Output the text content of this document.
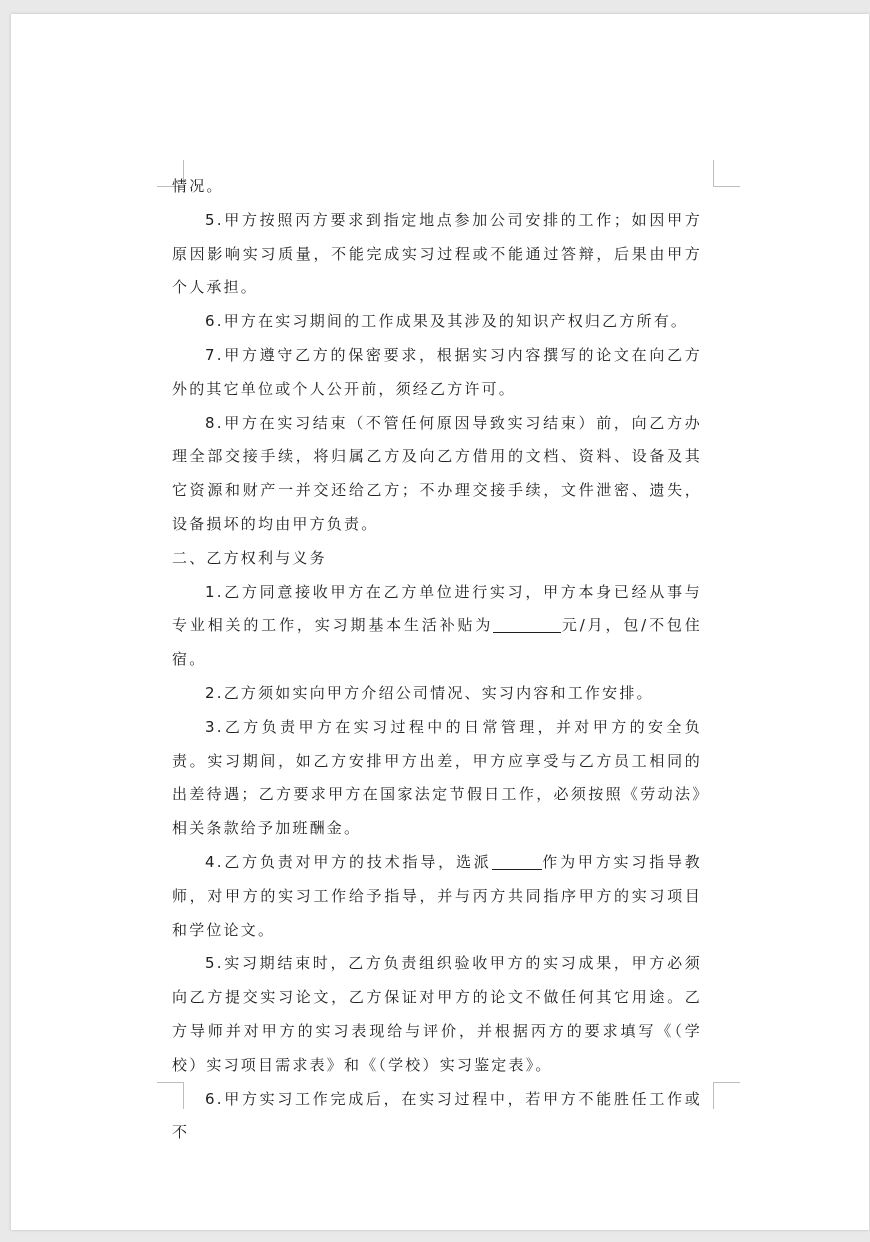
情况。

5.甲方按照丙方要求到指定地点参加公司安排的工作；如因甲方原因影响实习质量，不能完成实习过程或不能通过答辩，后果由甲方个人承担。

6.甲方在实习期间的工作成果及其涉及的知识产权归乙方所有。

7.甲方遵守乙方的保密要求，根据实习内容撰写的论文在向乙方外的其它单位或个人公开前，须经乙方许可。

8.甲方在实习结束（不管任何原因导致实习结束）前，向乙方办理全部交接手续，将归属乙方及向乙方借用的文档、资料、设备及其它资源和财产一并交还给乙方；不办理交接手续，文件泄密、遗失，设备损坏的均由甲方负责。

二、乙方权利与义务

1.乙方同意接收甲方在乙方单位进行实习，甲方本身已经从事与专业相关的工作，实习期基本生活补贴为	元/月，包/不包住宿。

2.乙方须如实向甲方介绍公司情况、实习内容和工作安排。

3.乙方负责甲方在实习过程中的日常管理，并对甲方的安全负责。实习期间，如乙方安排甲方出差，甲方应享受与乙方员工相同的出差待遇；乙方要求甲方在国家法定节假日工作，必须按照《劳动法》相关条款给予加班酬金。

4.乙方负责对甲方的技术指导，选派	作为甲方实习指导教师，对甲方的实习工作给予指导，并与丙方共同指序甲方的实习项目和学位论文。

5.实习期结束时，乙方负责组织验收甲方的实习成果，甲方必须向乙方提交实习论文，乙方保证对甲方的论文不做任何其它用途。乙方导师并对甲方的实习表现给与评价，并根据丙方的要求填写《（学校）实习项目需求表》和《（学校）实习鉴定表》。

6.甲方实习工作完成后，在实习过程中，若甲方不能胜任工作或不
